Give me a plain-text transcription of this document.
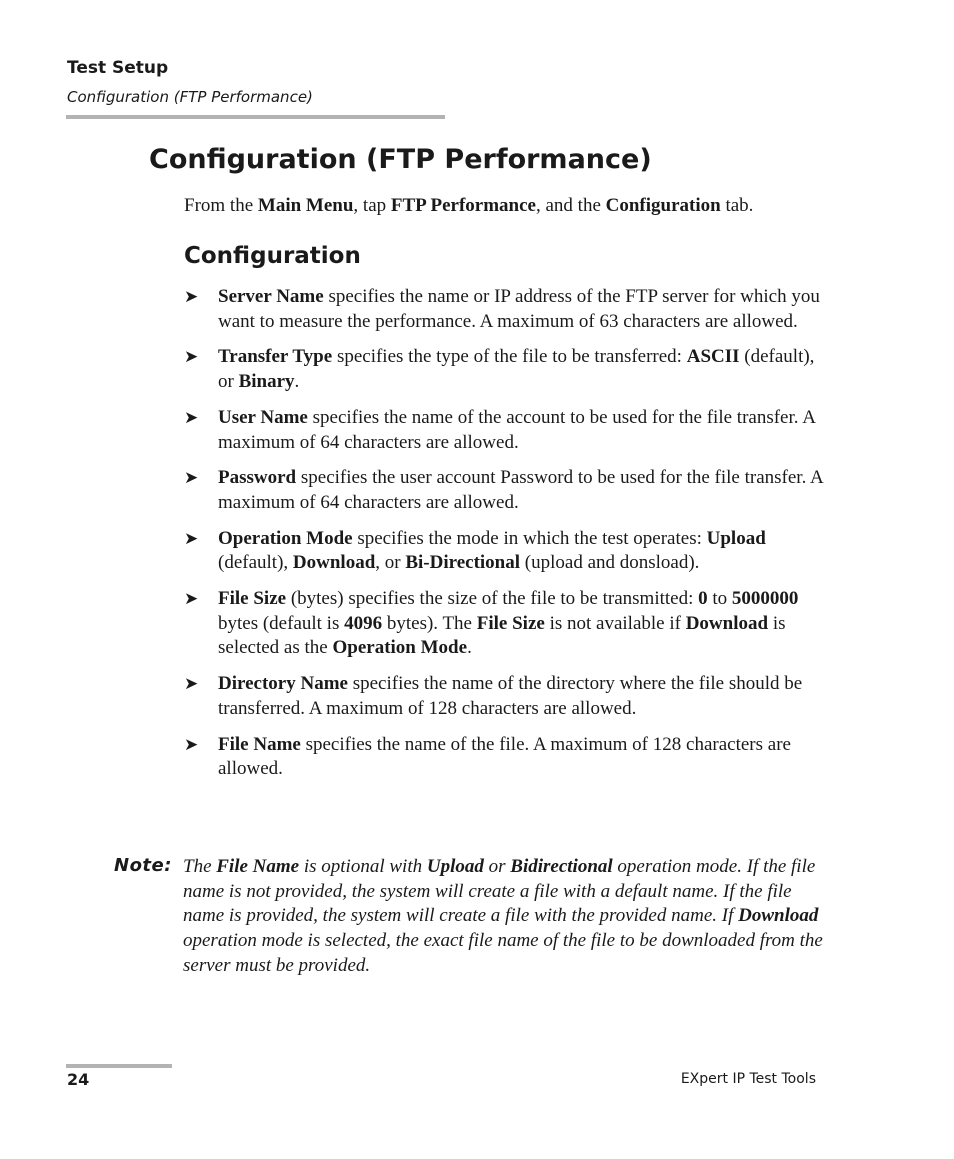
Test Setup
Configuration (FTP Performance)
Configuration (FTP Performance)

From the Main Menu, tap FTP Performance, and the Configuration tab.

Configuration
➤ Server Name specifies the name or IP address of the FTP server for which you want to measure the performance. A maximum of 63 characters are allowed.
➤ Transfer Type specifies the type of the file to be transferred: ASCII (default), or Binary.
➤ User Name specifies the name of the account to be used for the file transfer. A maximum of 64 characters are allowed.
➤ Password specifies the user account Password to be used for the file transfer. A maximum of 64 characters are allowed.
➤ Operation Mode specifies the mode in which the test operates: Upload (default), Download, or Bi-Directional (upload and donsload).
➤ File Size (bytes) specifies the size of the file to be transmitted: 0 to 5000000 bytes (default is 4096 bytes). The File Size is not available if Download is selected as the Operation Mode.
➤ Directory Name specifies the name of the directory where the file should be transferred. A maximum of 128 characters are allowed.
➤ File Name specifies the name of the file. A maximum of 128 characters are allowed.
Note: The File Name is optional with Upload or Bidirectional operation mode. If the file name is not provided, the system will create a file with a default name. If the file name is provided, the system will create a file with the provided name. If Download operation mode is selected, the exact file name of the file to be downloaded from the server must be provided.
24	EXpert IP Test Tools
